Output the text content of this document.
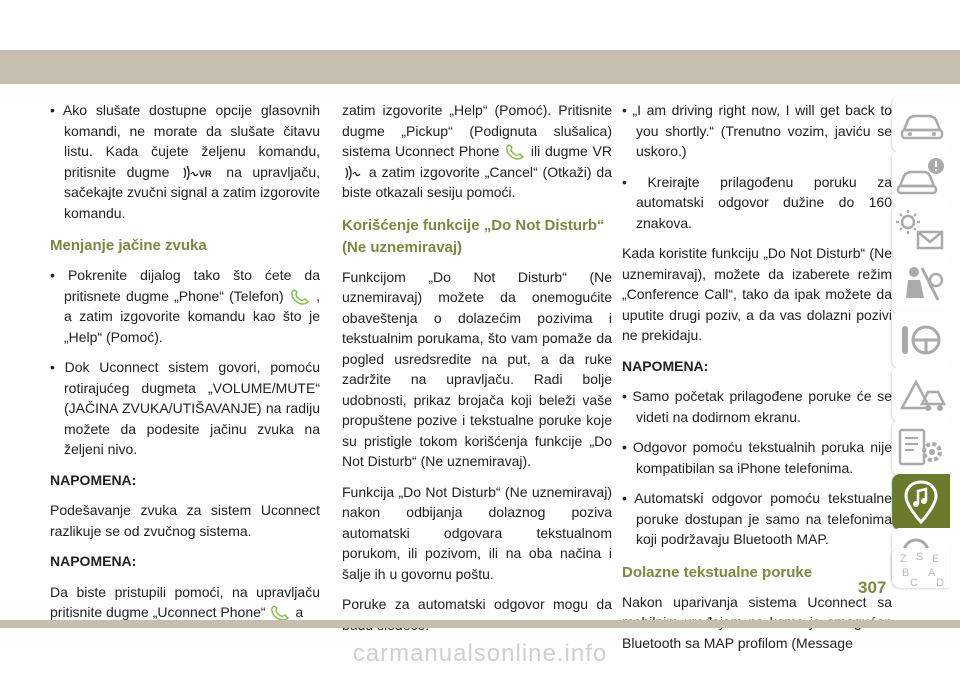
• Ako slušate dostupne opcije glasovnih komandi, ne morate da slušate čitavu listu. Kada čujete željenu komandu, pritisnite dugme	VR na upravljaču, sačekajte zvučni signal a zatim izgorovite komandu.

Menjanje jačine zvuka

• Pokrenite dijalog tako što ćete da pritisnete dugme „Phone“ (Telefon) , a zatim izgovorite komandu kao što je „Help“ (Pomoć).

• Dok Uconnect sistem govori, pomoću rotirajućeg dugmeta „VOLUME/MUTE“ (JAČINA ZVUKA/UTIŠAVANJE) na radiju možete da podesite jačinu zvuka na željeni nivo.

NAPOMENA:

Podešavanje zvuka za sistem Uconnect razlikuje se od zvučnog sistema.

NAPOMENA:

Da biste pristupili pomoći, na upravljaču pritisnite dugme „Uconnect Phone“ a

zatim izgovorite „Help“ (Pomoć). Pritisnite dugme „Pickup“ (Podignuta slušalica) sistema Uconnect Phone ili dugme VR  a zatim izgovorite „Cancel“ (Otkaži) da biste otkazali sesiju pomoći.

Korišćenje funkcije „Do Not Disturb“ (Ne uznemiravaj)

Funkcijom „Do Not Disturb“ (Ne uznemiravaj) možete da onemogućite obaveštenja o dolazećim pozivima i tekstualnim porukama, što vam pomaže da pogled usredsredite na put, a da ruke zadržite na upravljaču. Radi bolje udobnosti, prikaz brojača koji beleži vaše propuštene pozive i tekstualne poruke koje su pristigle tokom korišćenja funkcije „Do Not Disturb“ (Ne uznemiravaj).

Funkcija „Do Not Disturb“ (Ne uznemiravaj) nakon odbijanja dolaznog poziva automatski odgovara tekstualnom porukom, ili pozivom, ili na oba načina i šalje ih u govornu poštu.

Poruke za automatski odgovor mogu da

• „I am driving right now, I will get back to you shortly.“ (Trenutno vozim, javiću se uskoro.)

• Kreirajte prilagođenu poruku za automatski odgovor dužine do 160 znakova.

Kada koristite funkciju „Do Not Disturb“ (Ne uznemiravaj), možete da izaberete režim „Conference Call“, tako da ipak možete da uputite drugi poziv, a da vas dolazni pozivi ne prekidaju.

NAPOMENA:

• Samo početak prilagođene poruke će se videti na dodirnom ekranu.

• Odgovor pomoću tekstualnih poruka nije kompatibilan sa iPhone telefonima.

• Automatski odgovor pomoću tekstualne poruke dostupan je samo na telefonima koji podržavaju Bluetooth MAP.

Dolazne tekstualne poruke

Nakon uparivanja sistema Uconnect sa Bluetooth sa MAP profilom (Message

Z S E
B A
C D
307
carmanualsonline.info
